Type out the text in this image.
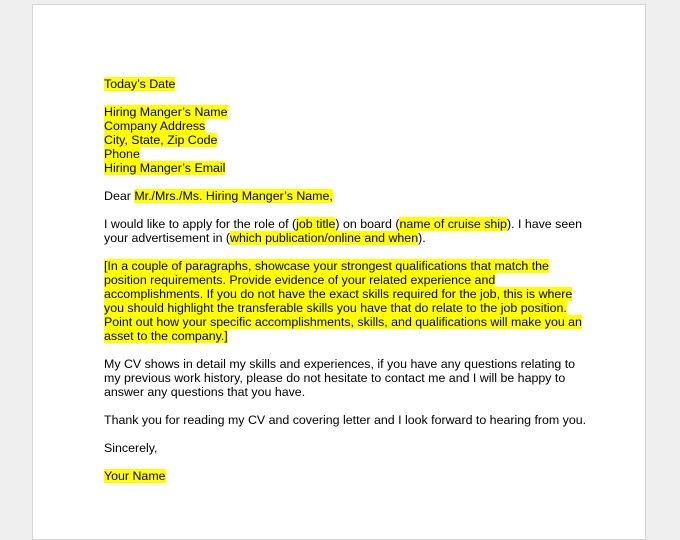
Today’s Date

Hiring Manger’s Name
Company Address
City, State, Zip Code
Phone
Hiring Manger’s Email

Dear Mr./Mrs./Ms. Hiring Manger’s Name,

I would like to apply for the role of (job title) on board (name of cruise ship). I have seen
your advertisement in (which publication/online and when).
[In a couple of paragraphs, showcase your strongest qualifications that match the
position requirements. Provide evidence of your related experience and
accomplishments. If you do not have the exact skills required for the job, this is where
you should highlight the transferable skills you have that do relate to the job position.
Point out how your specific accomplishments, skills, and qualifications will make you an
asset to the company.]
My CV shows in detail my skills and experiences, if you have any questions relating to
my previous work history, please do not hesitate to contact me and I will be happy to
answer any questions that you have.

Thank you for reading my CV and covering letter and I look forward to hearing from you.

Sincerely,

Your Name
